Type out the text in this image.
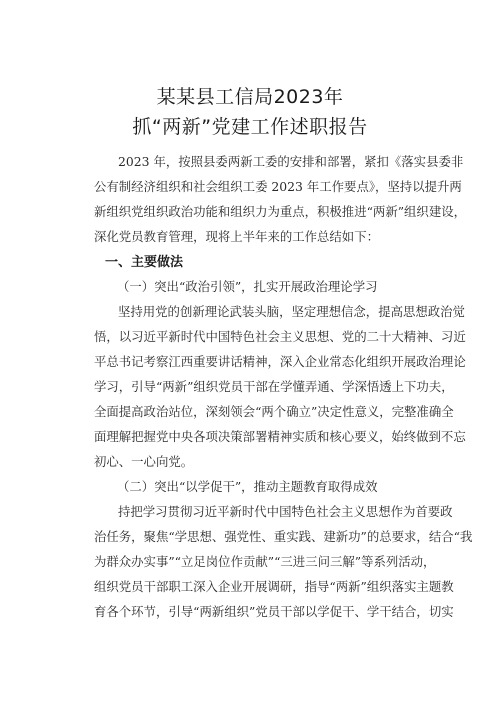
某某县工信局2023年
抓“两新”党建工作述职报告
2023 年，按照县委两新工委的安排和部署，紧扣《落实县委非
公有制经济组织和社会组织工委 2023 年工作要点》，坚持以提升两
新组织党组织政治功能和组织力为重点，积极推进“两新”组织建设，
深化党员教育管理，现将上半年来的工作总结如下：
一、主要做法
（一）突出“政治引领”，扎实开展政治理论学习
坚持用党的创新理论武装头脑，坚定理想信念，提高思想政治觉
悟，以习近平新时代中国特色社会主义思想、党的二十大精神、习近
平总书记考察江西重要讲话精神，深入企业常态化组织开展政治理论
学习，引导“两新”组织党员干部在学懂弄通、学深悟透上下功夫，
全面提高政治站位，深刻领会“两个确立”决定性意义，完整准确全
面理解把握党中央各项决策部署精神实质和核心要义，始终做到不忘
初心、一心向党。
（二）突出“以学促干”，推动主题教育取得成效
持把学习贯彻习近平新时代中国特色社会主义思想作为首要政
治任务，聚焦“学思想、强党性、重实践、建新功”的总要求，结合“我
为群众办实事”“立足岗位作贡献”“三进三问三解”等系列活动，
组织党员干部职工深入企业开展调研，指导“两新”组织落实主题教
育各个环节，引导“两新组织”党员干部以学促干、学干结合，切实
